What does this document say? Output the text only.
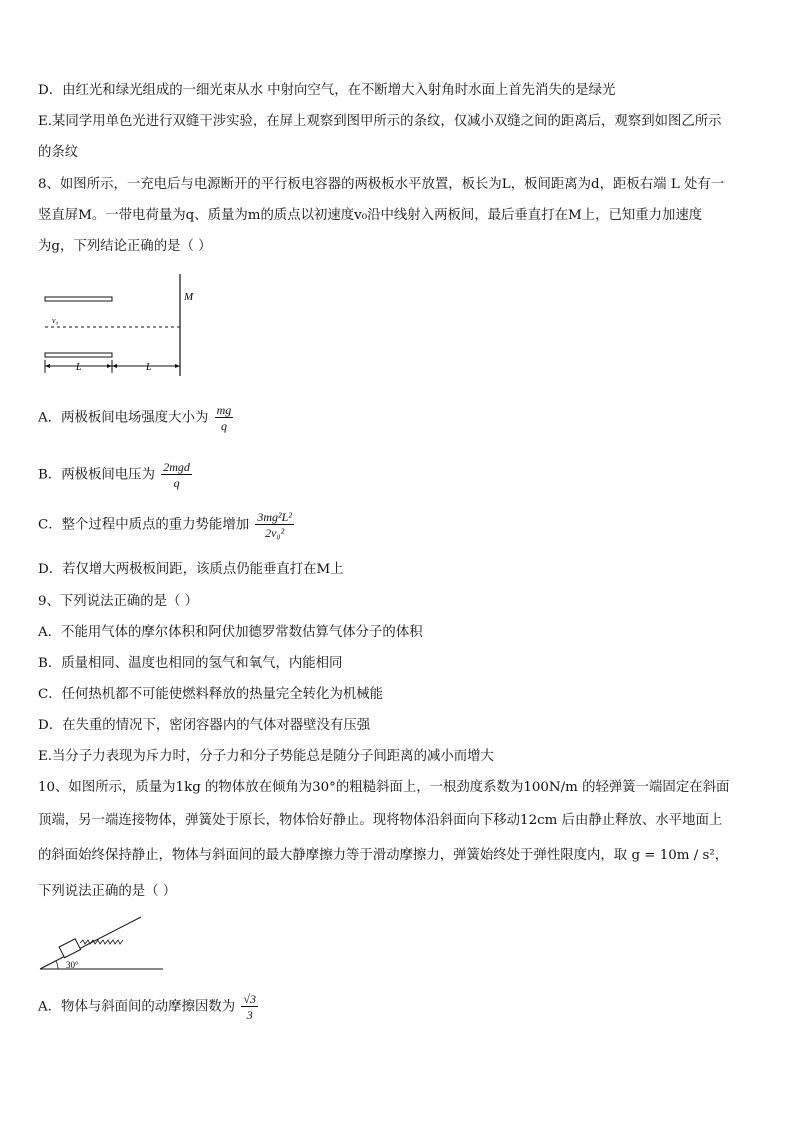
D．由红光和绿光组成的一细光束从水 中射向空气，在不断增大入射角时水面上首先消失的是绿光
E.某同学用单色光进行双缝干涉实验，在屏上观察到图甲所示的条纹，仅减小双缝之间的距离后，观察到如图乙所示
的条纹
8、如图所示，一充电后与电源断开的平行板电容器的两极板水平放置，板长为L，板间距离为d，距板右端 L 处有一
竖直屏M。一带电荷量为q、质量为m的质点以初速度v₀沿中线射入两板间，最后垂直打在M上，已知重力加速度
为g，下列结论正确的是（ ）
M
v₀
L	L
A．两极板间电场强度大小为 $\frac{mg}{q}$
B．两极板间电压为 $\frac{\text{2mgd}}{q}$
C．整个过程中质点的重力势能增加 $\frac{\text{3mg²L²}}{\text{2v₀²}}$
D．若仅增大两极板间距，该质点仍能垂直打在M上
9、下列说法正确的是（ ）
A．不能用气体的摩尔体积和阿伏加德罗常数估算气体分子的体积
B．质量相同、温度也相同的氢气和氧气，内能相同
C．任何热机都不可能使燃料释放的热量完全转化为机械能
D．在失重的情况下，密闭容器内的气体对器壁没有压强
E.当分子力表现为斥力时，分子力和分子势能总是随分子间距离的减小而增大
10、如图所示，质量为1kg 的物体放在倾角为30°的粗糙斜面上，一根劲度系数为100N/m 的轻弹簧一端固定在斜面
顶端，另一端连接物体，弹簧处于原长，物体恰好静止。现将物体沿斜面向下移动12cm 后由静止释放、水平地面上
的斜面始终保持静止，物体与斜面间的最大静摩擦力等于滑动摩擦力，弹簧始终处于弹性限度内，取 g = 10m / s²，
下列说法正确的是（ ）
30°
A．物体与斜面间的动摩擦因数为 $\frac{√3}{3}$
